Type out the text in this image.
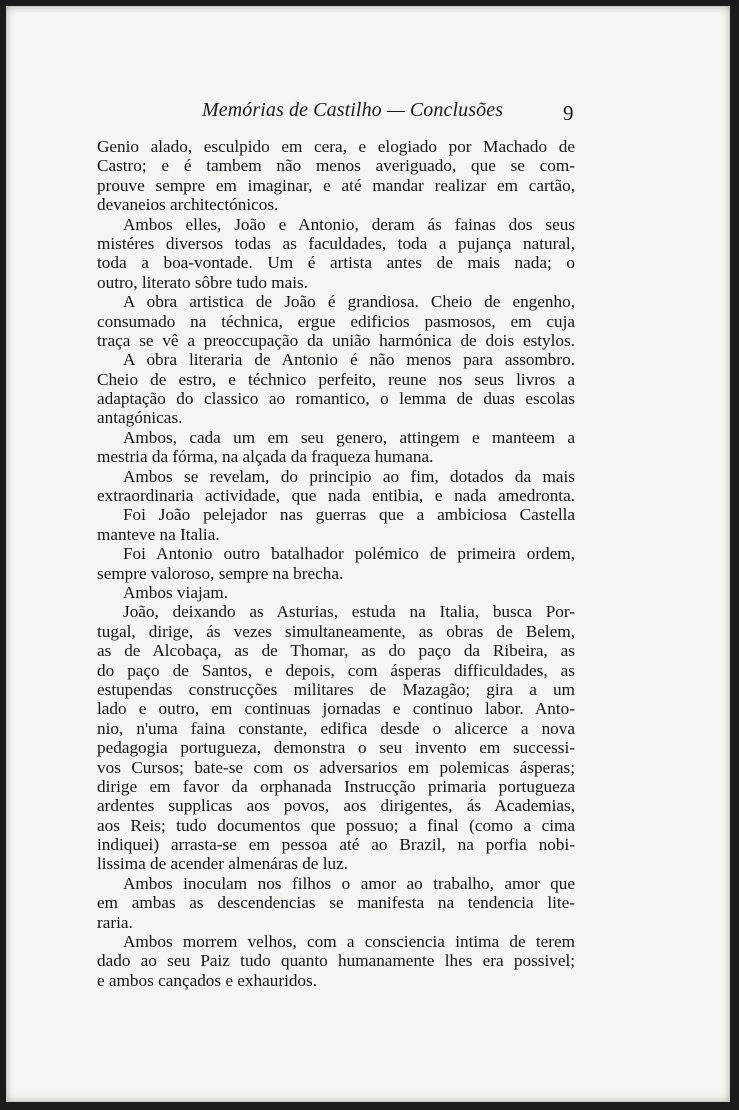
Memórias de Castilho — Conclusões	9
Genio alado, esculpido em cera, e elogiado por Machado de
Castro; e é tambem não menos averiguado, que se com-
prouve sempre em imaginar, e até mandar realizar em cartão,
devaneios architectónicos.
Ambos elles, João e Antonio, deram ás fainas dos seus
mistéres diversos todas as faculdades, toda a pujança natural,
toda a boa-vontade. Um é artista antes de mais nada; o
outro, literato sôbre tudo mais.
A obra artistica de João é grandiosa. Cheio de engenho,
consumado na téchnica, ergue edificios pasmosos, em cuja
traça se vê a preoccupação da união harmónica de dois estylos.
A obra literaria de Antonio é não menos para assombro.
Cheio de estro, e téchnico perfeito, reune nos seus livros a
adaptação do classico ao romantico, o lemma de duas escolas
antagónicas.
Ambos, cada um em seu genero, attingem e manteem a
mestria da fórma, na alçada da fraqueza humana.
Ambos se revelam, do principio ao fim, dotados da mais
extraordinaria actividade, que nada entibia, e nada amedronta.
Foi João pelejador nas guerras que a ambiciosa Castella
manteve na Italia.
Foi Antonio outro batalhador polémico de primeira ordem,
sempre valoroso, sempre na brecha.
Ambos viajam.
João, deixando as Asturias, estuda na Italia, busca Por-
tugal, dirige, ás vezes simultaneamente, as obras de Belem,
as de Alcobaça, as de Thomar, as do paço da Ribeira, as
do paço de Santos, e depois, com ásperas difficuldades, as
estupendas construcções militares de Mazagão; gira a um
lado e outro, em continuas jornadas e continuo labor. Anto-
nio, n'uma faina constante, edifica desde o alicerce a nova
pedagogia portugueza, demonstra o seu invento em successi-
vos Cursos; bate-se com os adversarios em polemicas ásperas;
dirige em favor da orphanada Instrucção primaria portugueza
ardentes supplicas aos povos, aos dirigentes, ás Academias,
aos Reis; tudo documentos que possuo; a final (como a cima
indiquei) arrasta-se em pessoa até ao Brazil, na porfia nobi-
lissima de acender almenáras de luz.
Ambos inoculam nos filhos o amor ao trabalho, amor que
em ambas as descendencias se manifesta na tendencia lite-
raria.
Ambos morrem velhos, com a consciencia intima de terem
dado ao seu Paiz tudo quanto humanamente lhes era possivel;
e ambos cançados e exhauridos.
